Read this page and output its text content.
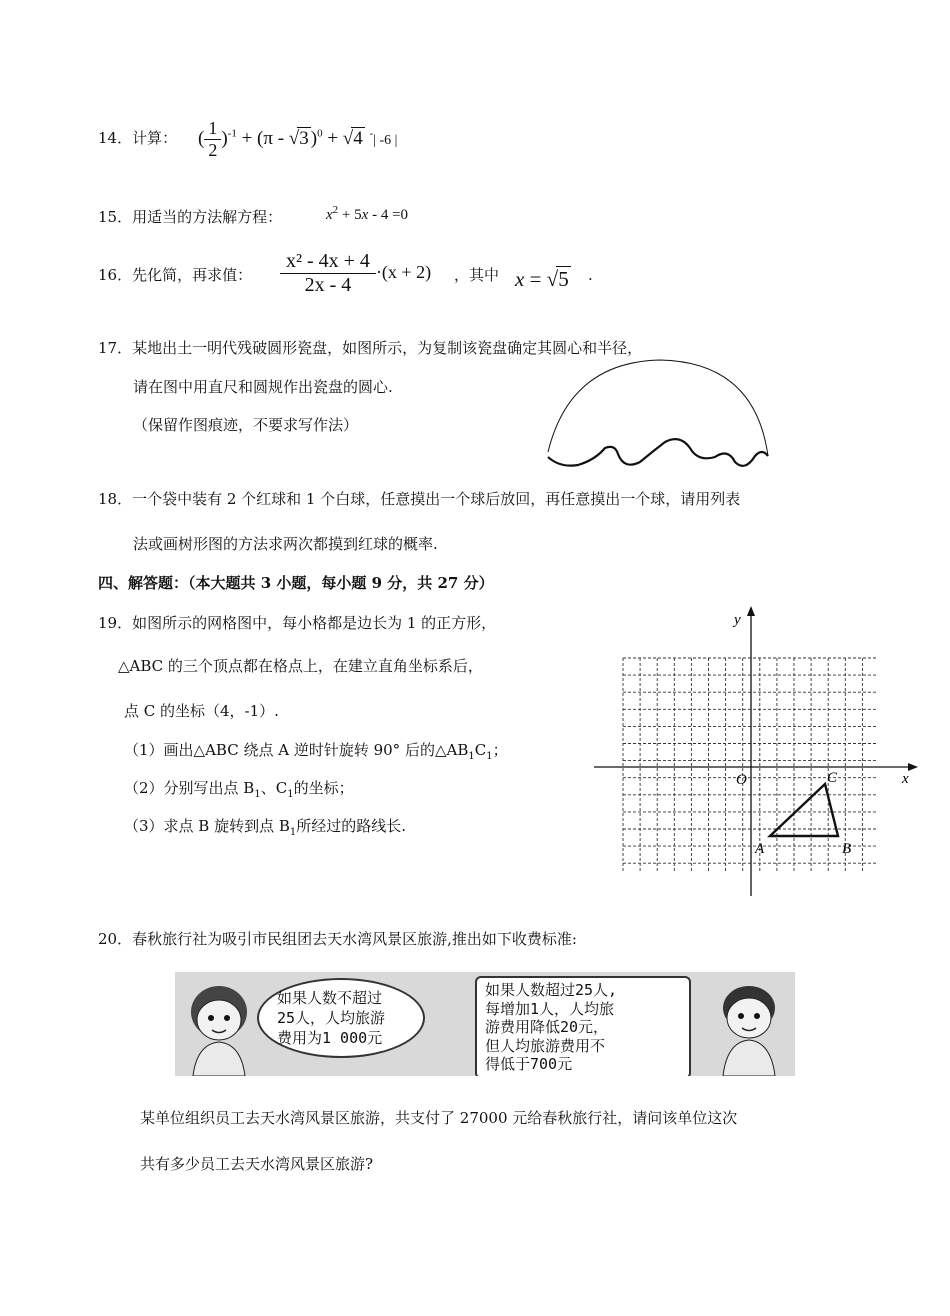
14．计算： ( $\frac{1}{2} )^{-1} + (\pi - √3$ )$^0$ + √4 -| -6 |
15．用适当的方法解方程：	$x^2 + 5x - 4 =0$
16．先化简，再求值： $\frac{\text{x² - 4x + 4}}{2x - 4} \cdot(x + 2)$ ，其中 x = √5 .
17．某地出土一明代残破圆形瓷盘，如图所示，为复制该瓷盘确定其圆心和半径，
请在图中用直尺和圆规作出瓷盘的圆心.
（保留作图痕迹，不要求写作法）
18．一个袋中装有 2 个红球和 1 个白球，任意摸出一个球后放回，再任意摸出一个球，请用列表
法或画树形图的方法求两次都摸到红球的概率.
四、解答题：（本大题共 3 小题，每小题 9 分，共 27 分）
19．如图所示的网格图中，每小格都是边长为 1 的正方形，
△ABC 的三个顶点都在格点上，在建立直角坐标系后，
点 C 的坐标（4，-1）.
（1）画出△ABC 绕点 A 逆时针旋转 90° 后的$\triangle AB_1C_1$；
（2）分别写出点 $B_1$、$C_1$的坐标；
（3）求点 B 旋转到点 $B_1$所经过的路线长.
y
x
O	C
A	B
20．春秋旅行社为吸引市民组团去天水湾风景区旅游,推出如下收费标准:
如果人数不超过
25人，人均旅游
费用为1 000元
如果人数超过25人,
每增加1人，人均旅
游费用降低20元，
但人均旅游费用不
得低于700元
某单位组织员工去天水湾风景区旅游，共支付了 27000 元给春秋旅行社，请问该单位这次
共有多少员工去天水湾风景区旅游?
